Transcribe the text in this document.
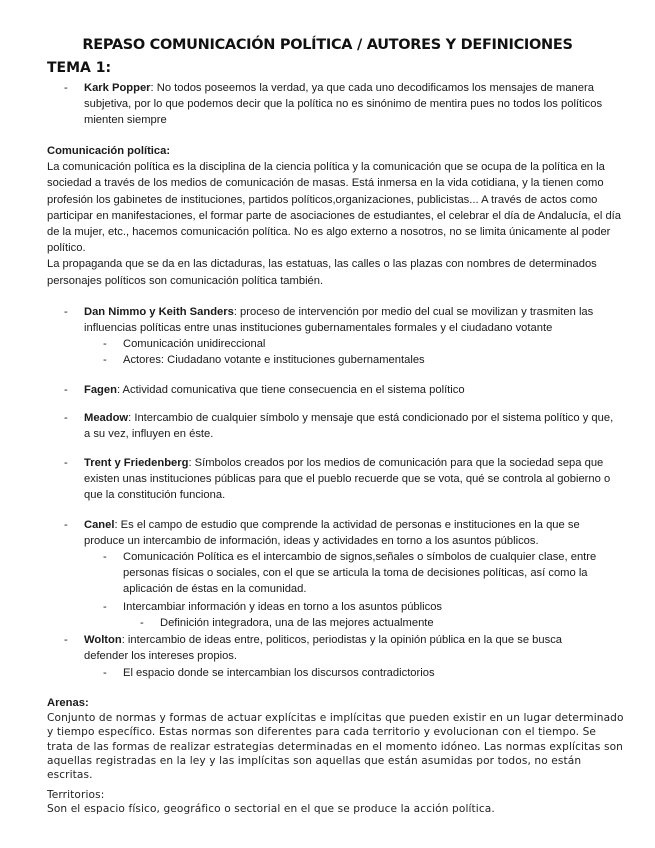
REPASO COMUNICACIÓN POLÍTICA / AUTORES Y DEFINICIONES
TEMA 1:
- Kark Popper: No todos poseemos la verdad, ya que cada uno decodificamos los mensajes de manera subjetiva, por lo que podemos decir que la política no es sinónimo de mentira pues no todos los políticos mienten siempre
Comunicación política:
La comunicación política es la disciplina de la ciencia política y la comunicación que se ocupa de la política en la sociedad a través de los medios de comunicación de masas. Está inmersa en la vida cotidiana, y la tienen como profesión los gabinetes de instituciones, partidos políticos,organizaciones, publicistas... A través de actos como participar en manifestaciones, el formar parte de asociaciones de estudiantes, el celebrar el día de Andalucía, el día de la mujer, etc., hacemos comunicación política. No es algo externo a nosotros, no se limita únicamente al poder político.
La propaganda que se da en las dictaduras, las estatuas, las calles o las plazas con nombres de determinados personajes políticos son comunicación política también.
- Dan Nimmo y Keith Sanders: proceso de intervención por medio del cual se movilizan y trasmiten las influencias políticas entre unas instituciones gubernamentales formales y el ciudadano votante
- Comunicación unidireccional
- Actores: Ciudadano votante e instituciones gubernamentales
- Fagen: Actividad comunicativa que tiene consecuencia en el sistema político
- Meadow: Intercambio de cualquier símbolo y mensaje que está condicionado por el sistema político y que, a su vez, influyen en éste.
- Trent y Friedenberg: Símbolos creados por los medios de comunicación para que la sociedad sepa que existen unas instituciones públicas para que el pueblo recuerde que se vota, qué se controla al gobierno o que la constitución funciona.
- Canel: Es el campo de estudio que comprende la actividad de personas e instituciones en la que se produce un intercambio de información, ideas y actividades en torno a los asuntos públicos.
- Comunicación Política es el intercambio de signos,señales o símbolos de cualquier clase, entre personas físicas o sociales, con el que se articula la toma de decisiones políticas, así como la aplicación de éstas en la comunidad.
- Intercambiar información y ideas en torno a los asuntos públicos
- Definición integradora, una de las mejores actualmente
- Wolton: intercambio de ideas entre, politicos, periodistas y la opinión pública en la que se busca defender los intereses propios.
- El espacio donde se intercambian los discursos contradictorios
Arenas:
Conjunto de normas y formas de actuar explícitas e implícitas que pueden existir en un lugar determinado y tiempo específico. Estas normas son diferentes para cada territorio y evolucionan con el tiempo. Se trata de las formas de realizar estrategias determinadas en el momento idóneo. Las normas explícitas son aquellas registradas en la ley y las implícitas son aquellas que están asumidas por todos, no están escritas.
Territorios:
Son el espacio físico, geográfico o sectorial en el que se produce la acción política.
